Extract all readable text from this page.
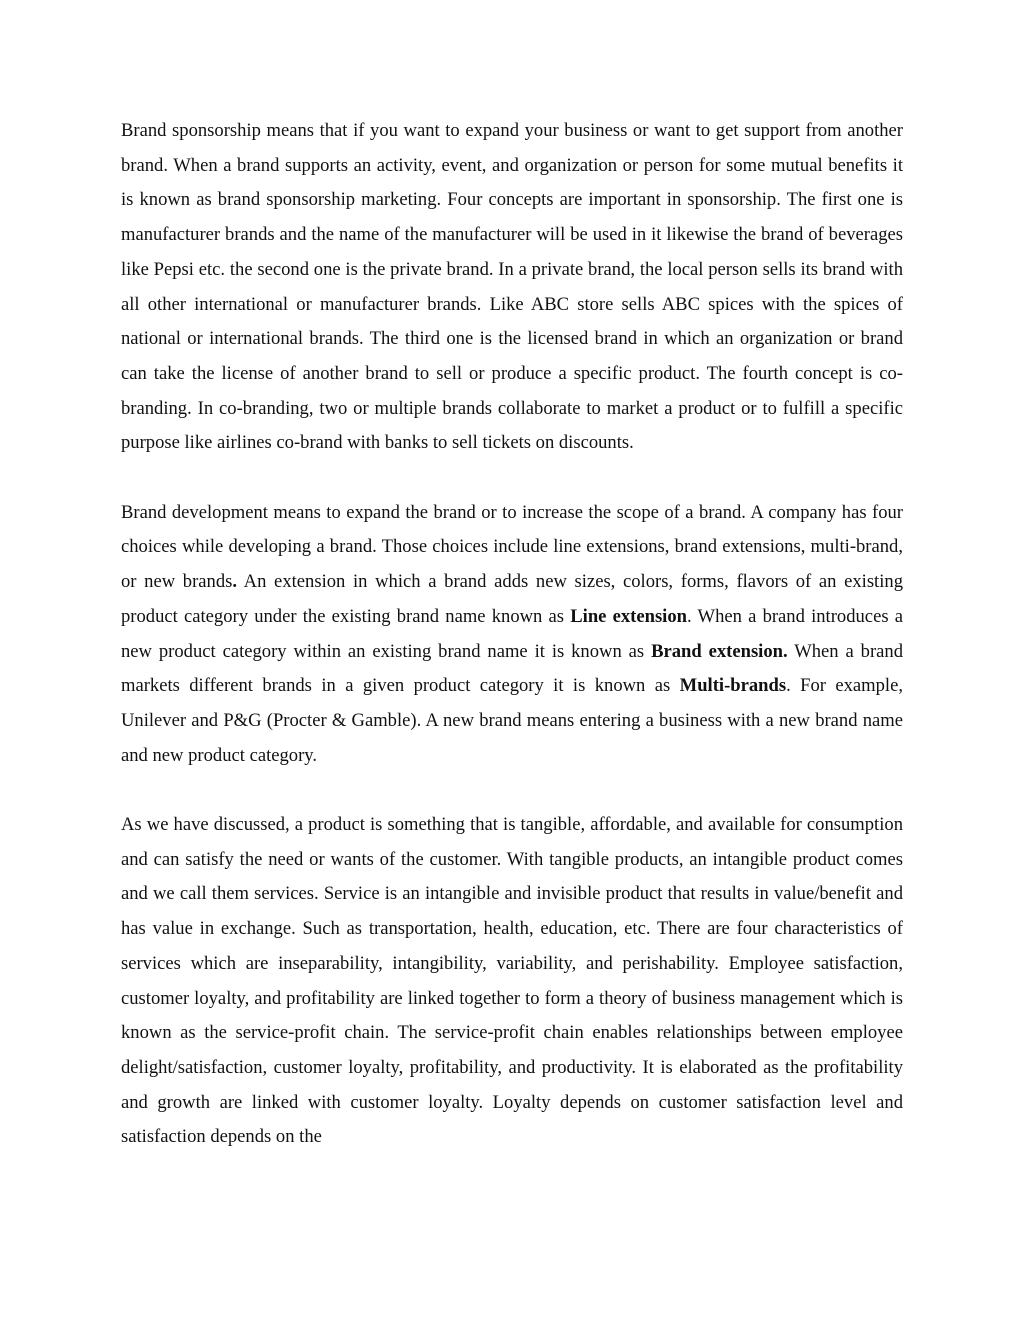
Brand sponsorship means that if you want to expand your business or want to get support from another brand. When a brand supports an activity, event, and organization or person for some mutual benefits it is known as brand sponsorship marketing. Four concepts are important in sponsorship. The first one is manufacturer brands and the name of the manufacturer will be used in it likewise the brand of beverages like Pepsi etc. the second one is the private brand. In a private brand, the local person sells its brand with all other international or manufacturer brands. Like ABC store sells ABC spices with the spices of national or international brands. The third one is the licensed brand in which an organization or brand can take the license of another brand to sell or produce a specific product. The fourth concept is co-branding. In co-branding, two or multiple brands collaborate to market a product or to fulfill a specific purpose like airlines co-brand with banks to sell tickets on discounts.

Brand development means to expand the brand or to increase the scope of a brand. A company has four choices while developing a brand. Those choices include line extensions, brand extensions, multi-brand, or new brands. An extension in which a brand adds new sizes, colors, forms, flavors of an existing product category under the existing brand name known as Line extension. When a brand introduces a new product category within an existing brand name it is known as Brand extension. When a brand markets different brands in a given product category it is known as Multi-brands. For example, Unilever and P&G (Procter & Gamble). A new brand means entering a business with a new brand name and new product category.

As we have discussed, a product is something that is tangible, affordable, and available for consumption and can satisfy the need or wants of the customer. With tangible products, an intangible product comes and we call them services. Service is an intangible and invisible product that results in value/benefit and has value in exchange. Such as transportation, health, education, etc. There are four characteristics of services which are inseparability, intangibility, variability, and perishability. Employee satisfaction, customer loyalty, and profitability are linked together to form a theory of business management which is known as the service-profit chain. The service-profit chain enables relationships between employee delight/satisfaction, customer loyalty, profitability, and productivity. It is elaborated as the profitability and growth are linked with customer loyalty. Loyalty depends on customer satisfaction level and satisfaction depends on the
